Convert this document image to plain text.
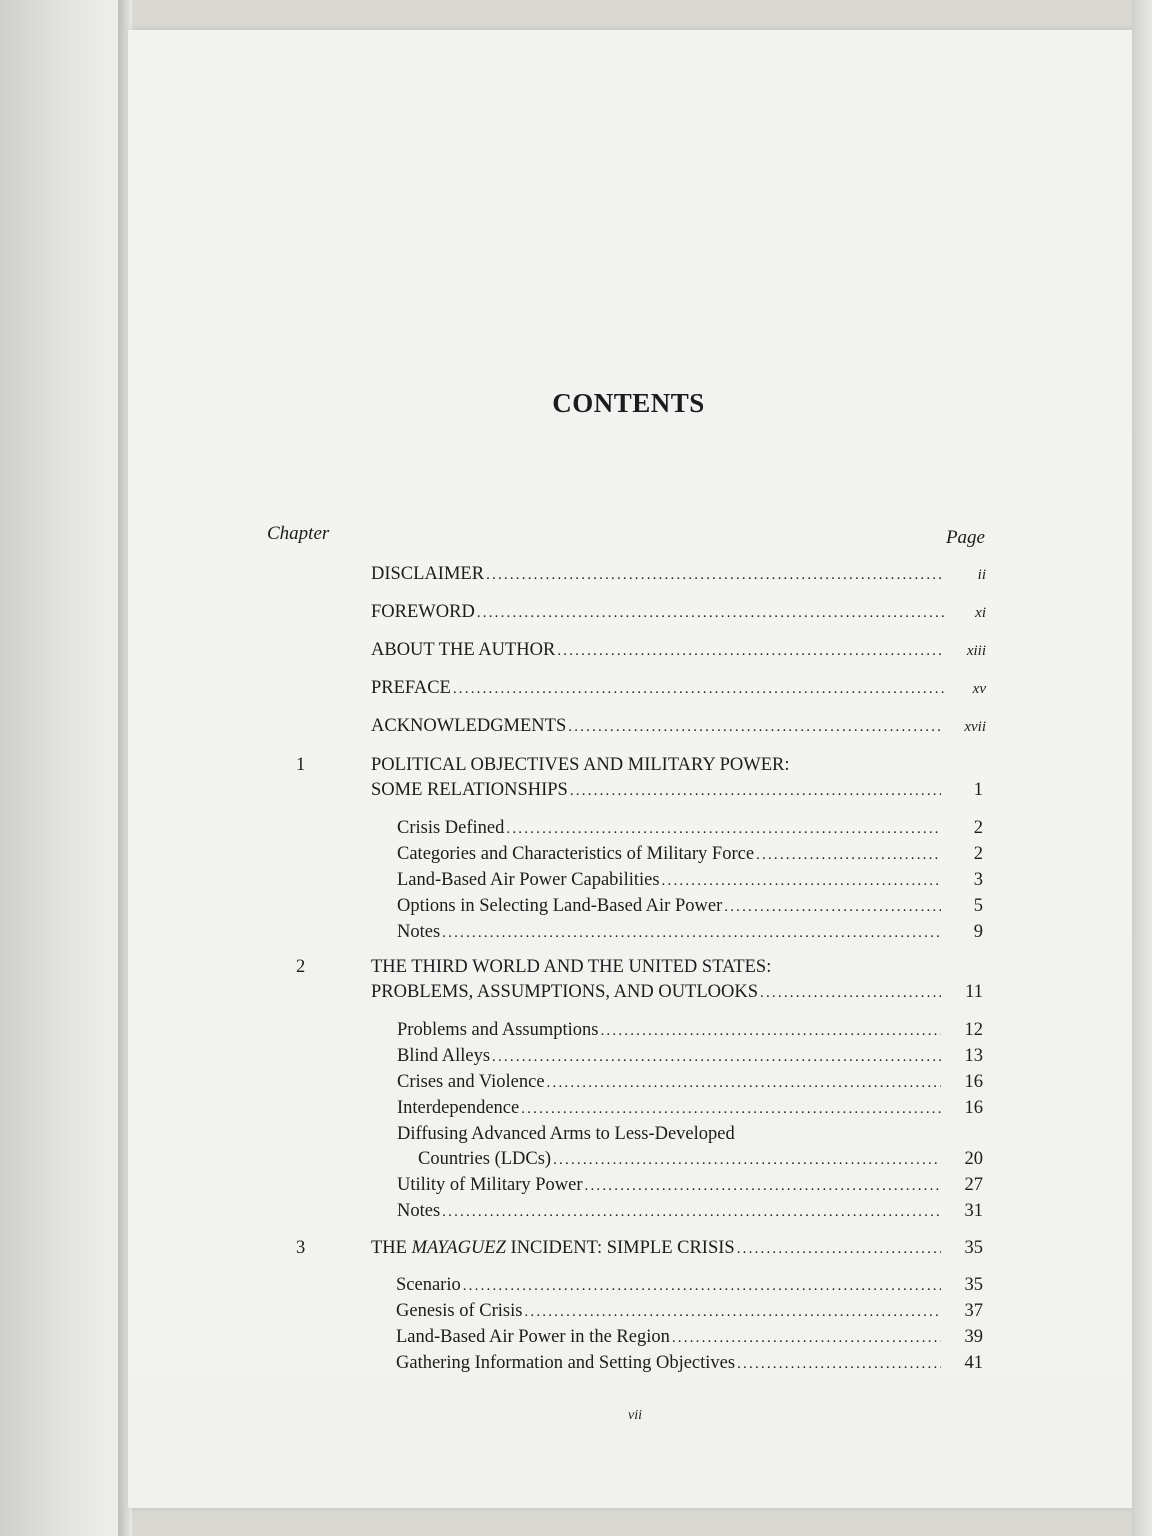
CONTENTS
Chapter	Page
DISCLAIMER .....	ii
FOREWORD .....	xi
ABOUT THE AUTHOR .....	xiii
PREFACE .....	xv
ACKNOWLEDGMENTS .....	xvii
1	POLITICAL OBJECTIVES AND MILITARY POWER:
SOME RELATIONSHIPS .....	1
Crisis Defined .....	2
Categories and Characteristics of Military Force .....	2
Land-Based Air Power Capabilities .....	3
Options in Selecting Land-Based Air Power .....	5
Notes .....	9
2	THE THIRD WORLD AND THE UNITED STATES:
PROBLEMS, ASSUMPTIONS, AND OUTLOOKS .....	11
Problems and Assumptions .....	12
Blind Alleys .....	13
Crises and Violence .....	16
Interdependence .....	16
Diffusing Advanced Arms to Less-Developed
Countries (LDCs) .....	20
Utility of Military Power .....	27
Notes .....	31
3	THE MAYAGUEZ INCIDENT: SIMPLE CRISIS .....	35
Scenario .....	35
Genesis of Crisis .....	37
Land-Based Air Power in the Region .....	39
Gathering Information and Setting Objectives .....	41
vii
